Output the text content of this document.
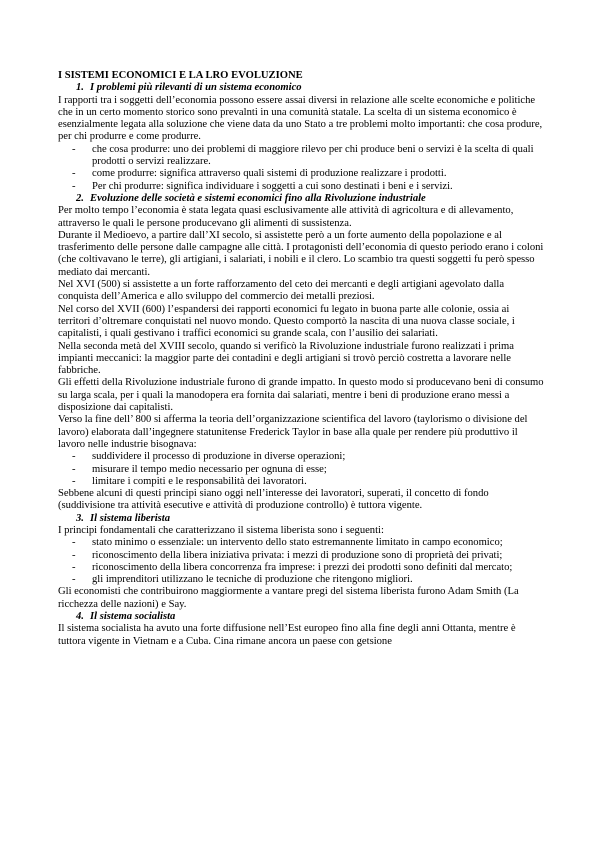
I SISTEMI ECONOMICI E LA LRO EVOLUZIONE
1. I problemi più rilevanti di un sistema economico

I rapporti tra i soggetti dell’economia possono essere assai diversi in relazione alle scelte economiche e politiche che in un certo momento storico sono prevalnti in una comunità statale. La scelta di un sistema economico è esenzialmente legata alla soluzione che viene data da uno Stato a tre problemi molto importanti: che cosa produre, per chi produrre e come produrre.

- che cosa produrre: uno dei problemi di maggiore rilevo per chi produce beni o servizi è la scelta di quali prodotti o servizi realizzare.
- come produrre: significa attraverso quali sistemi di produzione realizzare i prodotti.
- Per chi produrre: significa individuare i soggetti a cui sono destinati i beni e i servizi.
2. Evoluzione delle società e sistemi economici fino alla Rivoluzione industriale

Per molto tempo l’economia è stata legata quasi esclusivamente alle attività di agricoltura e di allevamento, attraverso le quali le persone producevano gli alimenti di sussistenza.

Durante il Medioevo, a partire dall’XI secolo, si assistette però a un forte aumento della popolazione e al trasferimento delle persone dalle campagne alle città. I protagonisti dell’economia di questo periodo erano i coloni (che coltivavano le terre), gli artigiani, i salariati, i nobili e il clero. Lo scambio tra questi soggetti fu però spesso mediato dai mercanti.

Nel XVI (500) si assistette a un forte rafforzamento del ceto dei mercanti e degli artigiani agevolato dalla conquista dell’America e allo sviluppo del commercio dei metalli preziosi.

Nel corso del XVII (600) l’espandersi dei rapporti economici fu legato in buona parte alle colonie, ossia ai territori d’oltremare conquistati nel nuovo mondo. Questo comportò la nascita di una nuova classe sociale, i capitalisti, i quali gestivano i traffici economici su grande scala, con l’ausilio dei salariati.

Nella seconda metà del XVIII secolo, quando si verificò la Rivoluzione industriale furono realizzati i prima impianti meccanici: la maggior parte dei contadini e degli artigiani si trovò perciò costretta a lavorare nelle fabbriche.

Gli effetti della Rivoluzione industriale furono di grande impatto. In questo modo si producevano beni di consumo su larga scala, per i quali la manodopera era fornita dai salariati, mentre i beni di produzione erano messi a disposizione dai capitalisti.

Verso la fine dell’ 800 si afferma la teoria dell’organizzazione scientifica del lavoro (taylorismo o divisione del lavoro) elaborata dall’ingegnere statunitense Frederick Taylor in base alla quale per rendere più produttivo il lavoro nelle industrie bisognava:

- suddividere il processo di produzione in diverse operazioni;
- misurare il tempo medio necessario per ognuna di esse;
- limitare i compiti e le responsabilità dei lavoratori.

Sebbene alcuni di questi principi siano oggi nell’interesse dei lavoratori, superati, il concetto di fondo (suddivisione tra attività esecutive e attività di produzione controllo) è tuttora vigente.

3. Il sistema liberista

I principi fondamentali che caratterizzano il sistema liberista sono i seguenti:

- stato minimo o essenziale: un intervento dello stato estremannente limitato in campo economico;
- riconoscimento della libera iniziativa privata: i mezzi di produzione sono di proprietà dei privati;
- riconoscimento della libera concorrenza fra imprese: i prezzi dei prodotti sono definiti dal mercato;
- gli imprenditori utilizzano le tecniche di produzione che ritengono migliori.

Gli economisti che contribuirono maggiormente a vantare pregi del sistema liberista furono Adam Smith (La ricchezza delle nazioni) e Say.

4. Il sistema socialista

Il sistema socialista ha avuto una forte diffusione nell’Est europeo fino alla fine degli anni Ottanta, mentre è tuttora vigente in Vietnam e a Cuba. Cina rimane ancora un paese con getsione
